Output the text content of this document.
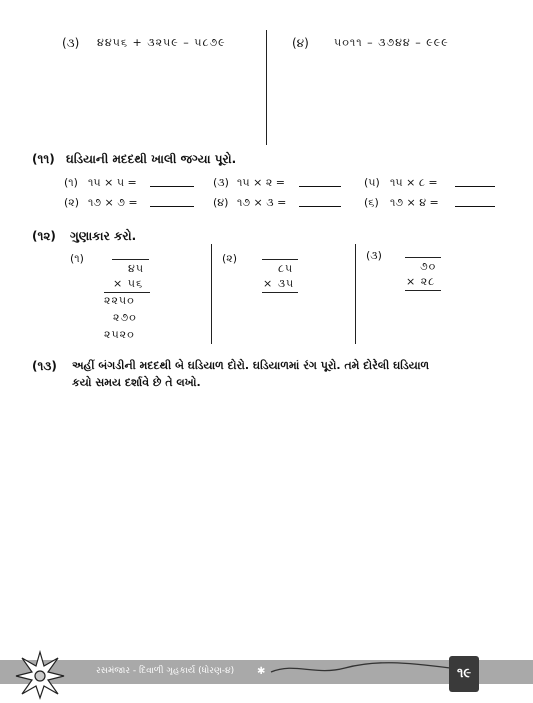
(૩) ૪૪૫૬ + ૩૨૫૯ – ૫૮૭૯	(૪) ૫૦૧૧ – ૩૭૪૪ – ૯૯૯
(૧૧) ઘડિયાની મદદથી ખાલી જગ્યા પૂરો.
(૧) ૧૫ × ૫ =	(૩) ૧૫ × ૨ =	(૫) ૧૫ × ૮ =
(૨) ૧૭ × ૭ =	(૪) ૧૭ × ૩ =	(૬) ૧૭ × ૪ =
(૧૨) ગુણાકાર કરો.
(૧)
૪૫
× ૫૬
૨૨૫૦
૨૭૦
૨૫૨૦
(૨)
૮૫
× ૩૫
(૩)
૭૦
× ૨૮
(૧૩) અહીં બંગડીની મદદથી બે ઘડિયાળ દોરો. ઘડિયાળમાં રંગ પૂરો. તમે દોરેલી ઘડિયાળ
કયો સમય દર્શાવે છે તે લખો.
રસમંજાર - દિવાળી ગૃહકાર્ય (ધોરણ-૪) ✱	૧૯
